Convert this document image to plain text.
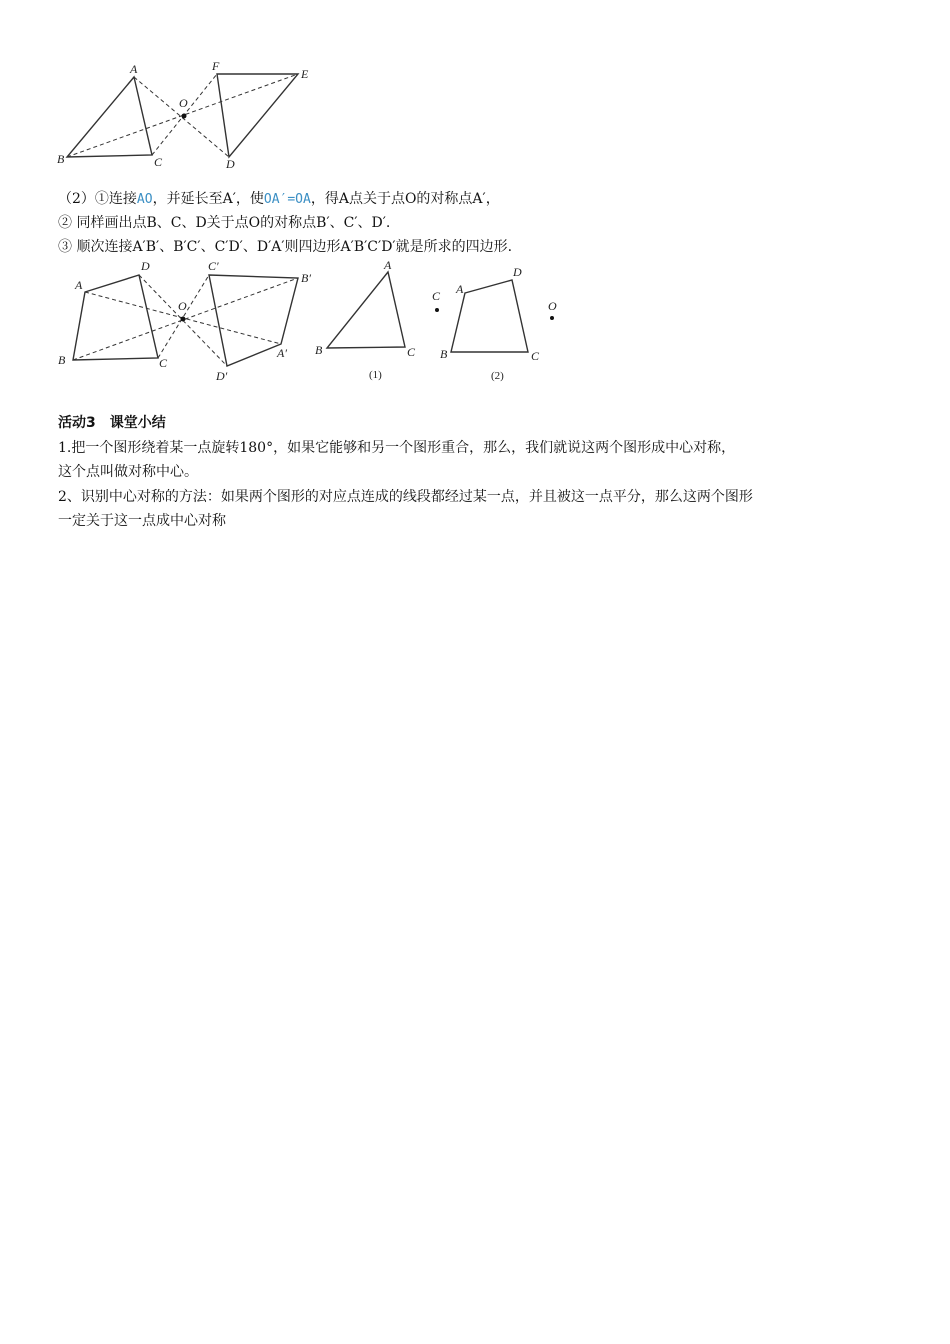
A
B	C
O
F
E
D
（2）①连接AO，并延长至A′，使OA′=OA，得A点关于点O的对称点A′，
② 同样画出点B、C、D关于点O的对称点B′、C′、D′.
③ 顺次连接A′B′、B′C′、C′D′、D′A′则四边形A′B′C′D′就是所求的四边形.
A
D
B	C
O
C′
B′
A′
D′
A
B	C
(1)
A
D
B	C
C
O
(2)
活动3　课堂小结
1.把一个图形绕着某一点旋转180°，如果它能够和另一个图形重合，那么，我们就说这两个图形成中心对称，
这个点叫做对称中心。
2、识别中心对称的方法：如果两个图形的对应点连成的线段都经过某一点，并且被这一点平分，那么这两个图形
一定关于这一点成中心对称
